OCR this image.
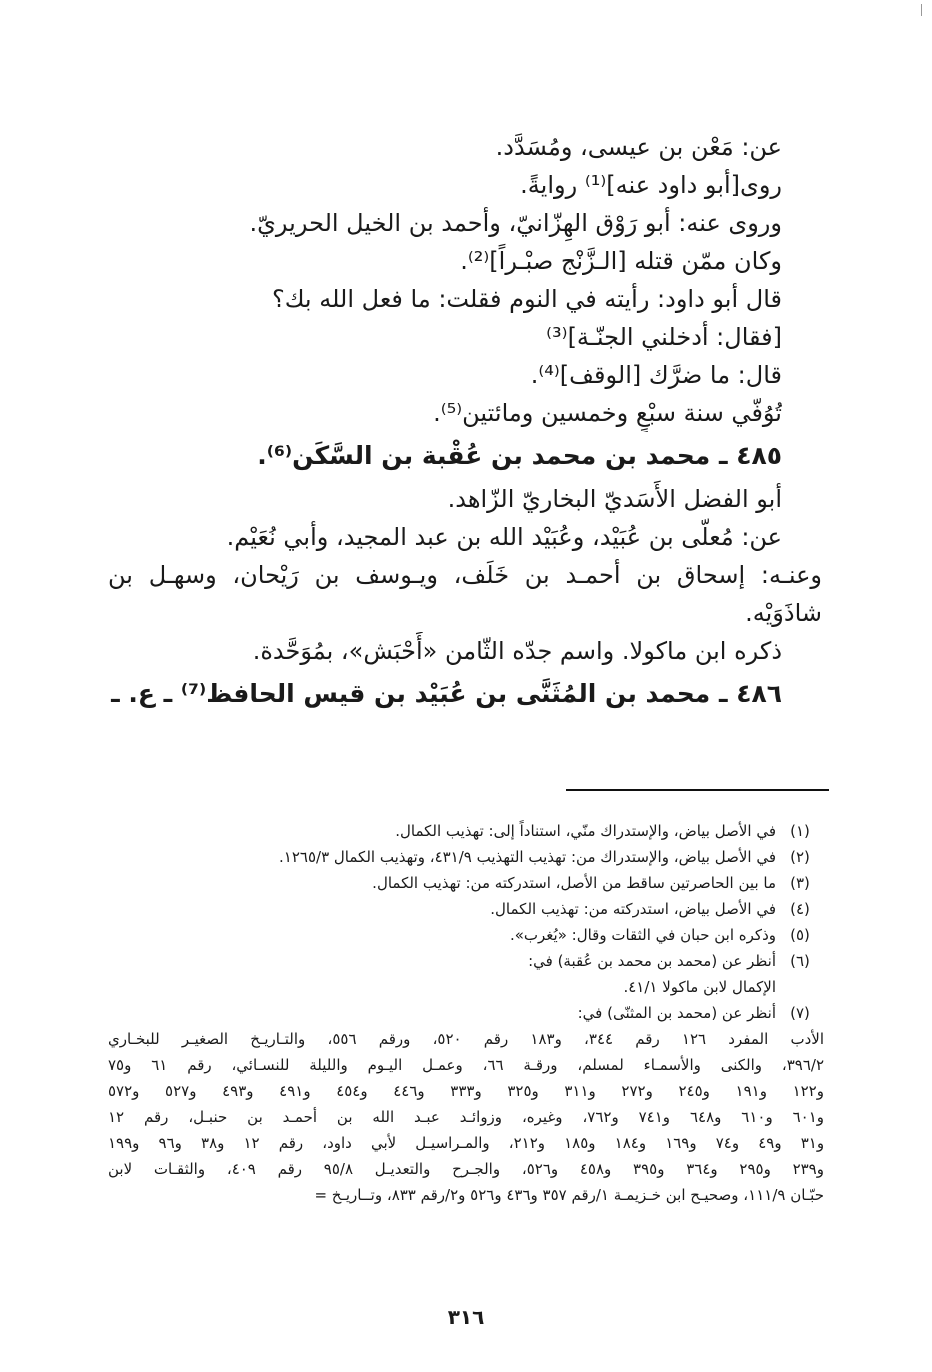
عن: مَعْن بن عيسى، ومُسَدَّد.
روى[أبو داود عنه]⁽¹⁾ روايةً.
وروى عنه: أبو رَوْق الهِزّانيّ، وأحمد بن الخيل الحريريّ.
وكان ممّن قتله [الـزَّنْج صبْـراً]⁽²⁾.
قال أبو داود: رأيته في النوم فقلت: ما فعل الله بك؟
[فقال: أدخلني الجنّـة]⁽³⁾
قال: ما ضرَّك [الوقف]⁽⁴⁾.
تُوُفّي سنة سبْعٍ وخمسين ومائتين⁽⁵⁾.
٤٨٥ ـ محمد بن محمد بن عُقْبة بن السَّكَن⁽⁶⁾.
أبو الفضل الأَسَديّ البخاريّ الزّاهد.
عن: مُعلّى بن عُبَيْد، وعُبَيْد الله بن عبد المجيد، وأبي نُعَيْم.
وعنـه: إسحاق بن أحمـد بن خَلَف، ويـوسف بن رَيْحان، وسهـل بن
شاذَوَيْه.
ذكره ابن ماكولا. واسم جدّه الثّامن «أَحْبَش»، بمُوَحَّدة.
٤٨٦ ـ محمد بن المُثَنَّى بن عُبَيْد بن قيس الحافظ⁽⁷⁾ ـ ع. ـ
(١)
في الأصل بياض، والإستدراك منّي، استناداً إلى: تهذيب الكمال.
(٢)
في الأصل بياض، والإستدراك من: تهذيب التهذيب ٤٣١/٩، وتهذيب الكمال ١٢٦٥/٣.
(٣)
ما بين الحاصرتين ساقط من الأصل، استدركته من: تهذيب الكمال.
(٤)
في الأصل بياض، استدركته من: تهذيب الكمال.
(٥)
وذكره ابن حبان في الثقات وقال: «يُغرب».
(٦)
أنظر عن (محمد بن محمد بن عُقبة) في:
الإكمال لابن ماكولا ٤١/١.
(٧)
أنظر عن (محمد بن المثنّى) في:
الأدب المفرد ١٢٦ رقم ٣٤٤، و١٨٣ رقم ٥٢٠، ورقم ٥٥٦، والتـاريـخ الصغيـر للبخـاري
٣٩٦/٢، والكنى والأسمـاء لمسلم، ورقـة ٦٦، وعمـل اليـوم والليلة للنسـائي، رقم ٦١ و٧٥
و١٢٢ و١٩١ و٢٤٥ و٢٧٢ و٣١١ و٣٢٥ و٣٣٣ و٤٤٦ و٤٥٤ و٤٩١ و٤٩٣ و٥٢٧ و٥٧٢
و٦٠١ و٦١٠ و٦٤٨ و٧٤١ و٧٦٢، وغيره، وزوائـد عبـد الله بن أحمـد بن حنبـل، رقم ١٢
و٣١ و٤٩ و٧٤ و١٦٩ و١٨٤ و١٨٥ و٢١٢، والمـراسيـل لأبي داود، رقم ١٢ و٣٨ و٩٦ و١٩٩
و٢٣٩ و٢٩٥ و٣٦٤ و٣٩٥ و٤٥٨ و٥٢٦، والجـرح والتعديـل ٩٥/٨ رقم ٤٠٩، والثقـات لابن
حبّـان ١١١/٩، وصحيـح ابن خـزيمـة ١/رقم ٣٥٧ و٤٣٦ و٥٢٦ و٢/رقم ٨٣٣، وتــاريـخ =
٣١٦
